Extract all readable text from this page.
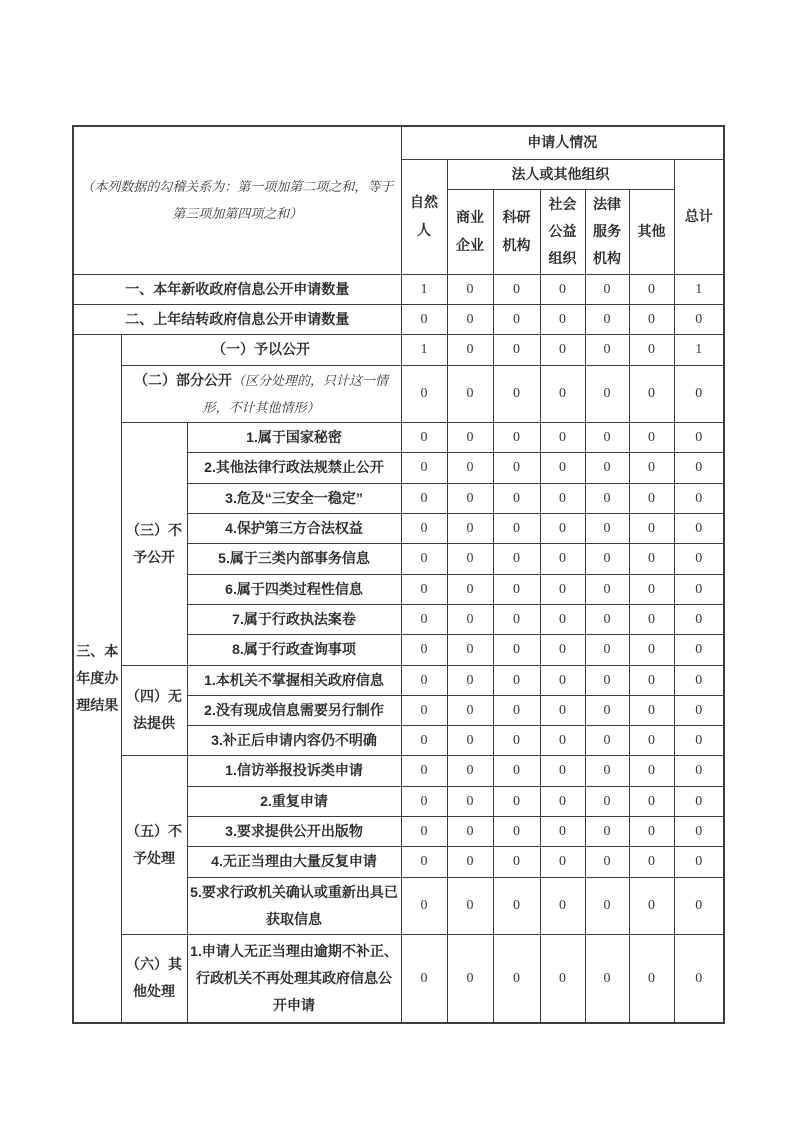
（本列数据的勾稽关系为：第一项加第二项之和，等于第三项加第四项之和）			申请人情况						
			自然人	法人或其他组织					总计
				商业企业	科研机构	社会公益组织	法律服务机构	其他	
一、本年新收政府信息公开申请数量			1	0	0	0	0	0	1
二、上年结转政府信息公开申请数量			0	0	0	0	0	0	0
三、本年度办理结果	（一）予以公开		1	0	0	0	0	0	1
	（二）部分公开（区分处理的，只计这一情形，不计其他情形）		0	0	0	0	0	0	0
	（三）不予公开	1.属于国家秘密	0	0	0	0	0	0	0
		2.其他法律行政法规禁止公开	0	0	0	0	0	0	0
		3.危及“三安全一稳定”	0	0	0	0	0	0	0
		4.保护第三方合法权益	0	0	0	0	0	0	0
		5.属于三类内部事务信息	0	0	0	0	0	0	0
		6.属于四类过程性信息	0	0	0	0	0	0	0
		7.属于行政执法案卷	0	0	0	0	0	0	0
		8.属于行政查询事项	0	0	0	0	0	0	0
	（四）无法提供	1.本机关不掌握相关政府信息	0	0	0	0	0	0	0
		2.没有现成信息需要另行制作	0	0	0	0	0	0	0
		3.补正后申请内容仍不明确	0	0	0	0	0	0	0
	（五）不予处理	1.信访举报投诉类申请	0	0	0	0	0	0	0
		2.重复申请	0	0	0	0	0	0	0
		3.要求提供公开出版物	0	0	0	0	0	0	0
		4.无正当理由大量反复申请	0	0	0	0	0	0	0
		5.要求行政机关确认或重新出具已获取信息	0	0	0	0	0	0	0
	（六）其他处理	1.申请人无正当理由逾期不补正、行政机关不再处理其政府信息公开申请	0	0	0	0	0	0	0
